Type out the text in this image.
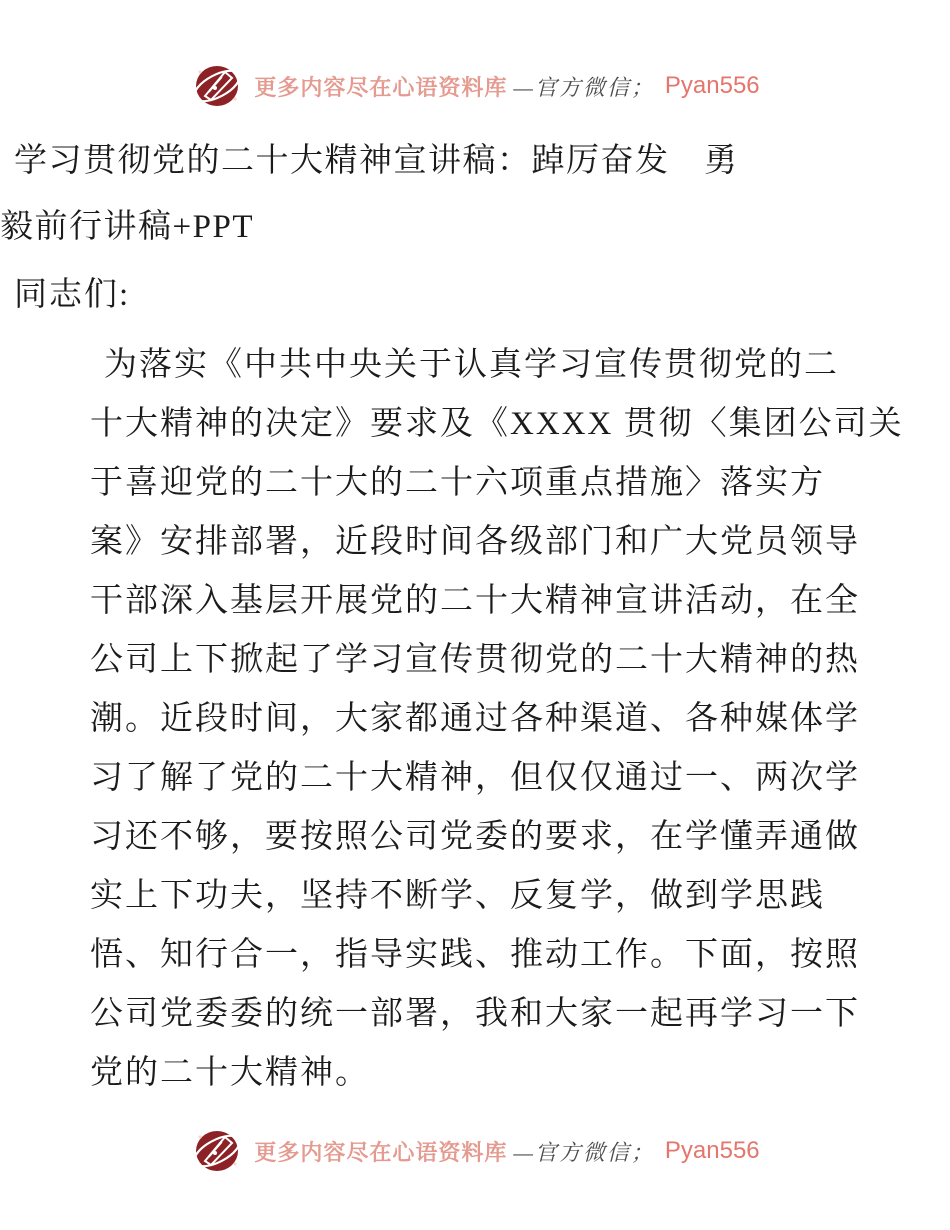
更多内容尽在心语资料库 —官方微信； Pyan556
学习贯彻党的二十大精神宣讲稿：踔厉奋发　勇
毅前行讲稿+PPT

同志们:

为落实《中共中央关于认真学习宣传贯彻党的二
十大精神的决定》要求及《XXXX 贯彻〈集团公司关
于喜迎党的二十大的二十六项重点措施〉落实方
案》安排部署，近段时间各级部门和广大党员领导
干部深入基层开展党的二十大精神宣讲活动，在全
公司上下掀起了学习宣传贯彻党的二十大精神的热
潮。近段时间，大家都通过各种渠道、各种媒体学
习了解了党的二十大精神，但仅仅通过一、两次学
习还不够，要按照公司党委的要求，在学懂弄通做
实上下功夫，坚持不断学、反复学，做到学思践
悟、知行合一，指导实践、推动工作。下面，按照
公司党委委的统一部署，我和大家一起再学习一下
党的二十大精神。
更多内容尽在心语资料库 —官方微信； Pyan556
